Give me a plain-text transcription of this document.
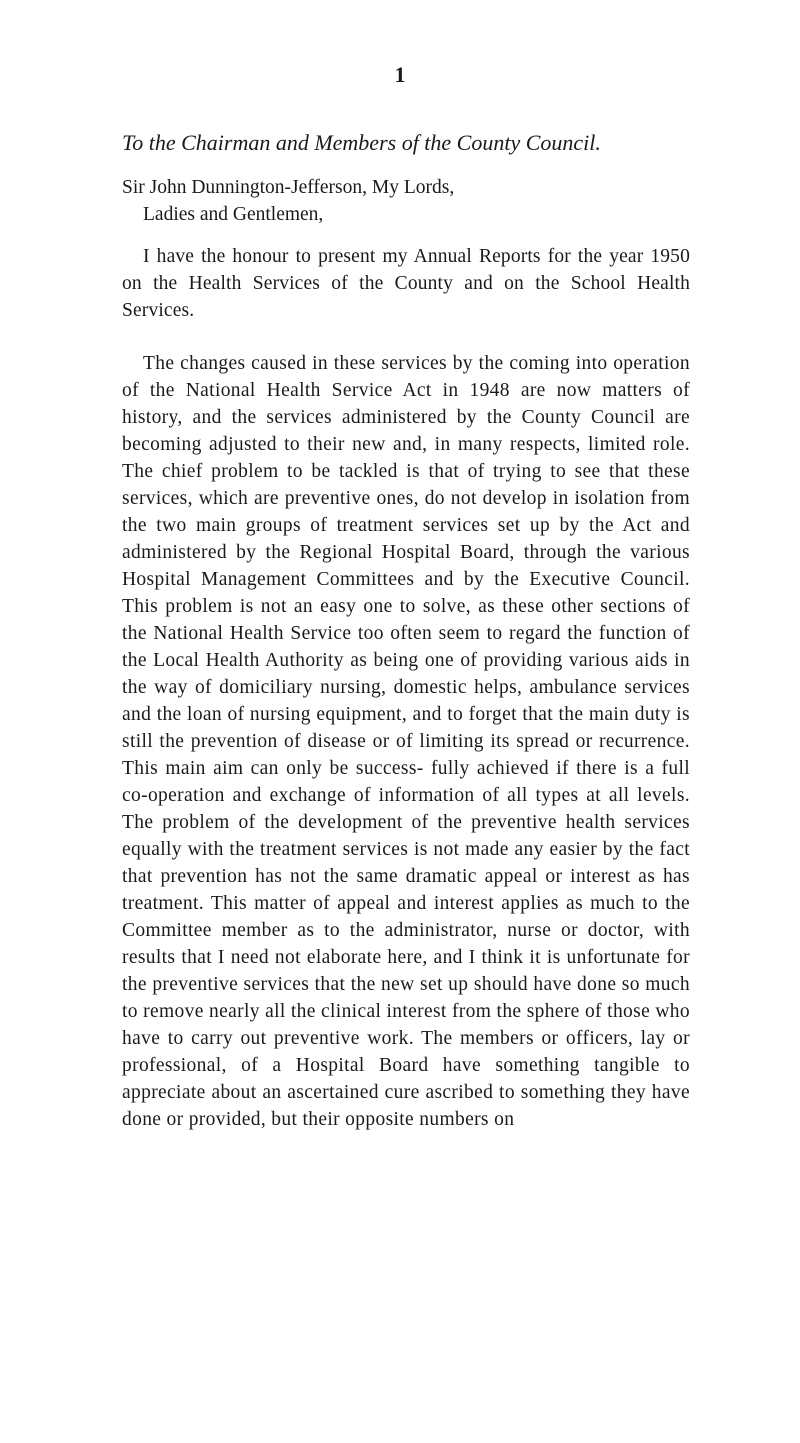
1

To the Chairman and Members of the County Council.

Sir John Dunnington-Jefferson, My Lords,
Ladies and Gentlemen,

I have the honour to present my Annual Reports for the year 1950 on the Health Services of the County and on the School Health Services.

The changes caused in these services by the coming into operation of the National Health Service Act in 1948 are now matters of history, and the services administered by the County Council are becoming adjusted to their new and, in many respects, limited role. The chief problem to be tackled is that of trying to see that these services, which are preventive ones, do not develop in isolation from the two main groups of treatment services set up by the Act and administered by the Regional Hospital Board, through the various Hospital Management Committees and by the Executive Council. This problem is not an easy one to solve, as these other sections of the National Health Service too often seem to regard the function of the Local Health Authority as being one of providing various aids in the way of domiciliary nursing, domestic helps, ambulance services and the loan of nursing equipment, and to forget that the main duty is still the prevention of disease or of limiting its spread or recurrence. This main aim can only be success- fully achieved if there is a full co-operation and exchange of information of all types at all levels. The problem of the development of the preventive health services equally with the treatment services is not made any easier by the fact that prevention has not the same dramatic appeal or interest as has treatment. This matter of appeal and interest applies as much to the Committee member as to the administrator, nurse or doctor, with results that I need not elaborate here, and I think it is unfortunate for the preventive services that the new set up should have done so much to remove nearly all the clinical interest from the sphere of those who have to carry out preventive work. The members or officers, lay or professional, of a Hospital Board have something tangible to appreciate about an ascertained cure ascribed to something they have done or provided, but their opposite numbers on
